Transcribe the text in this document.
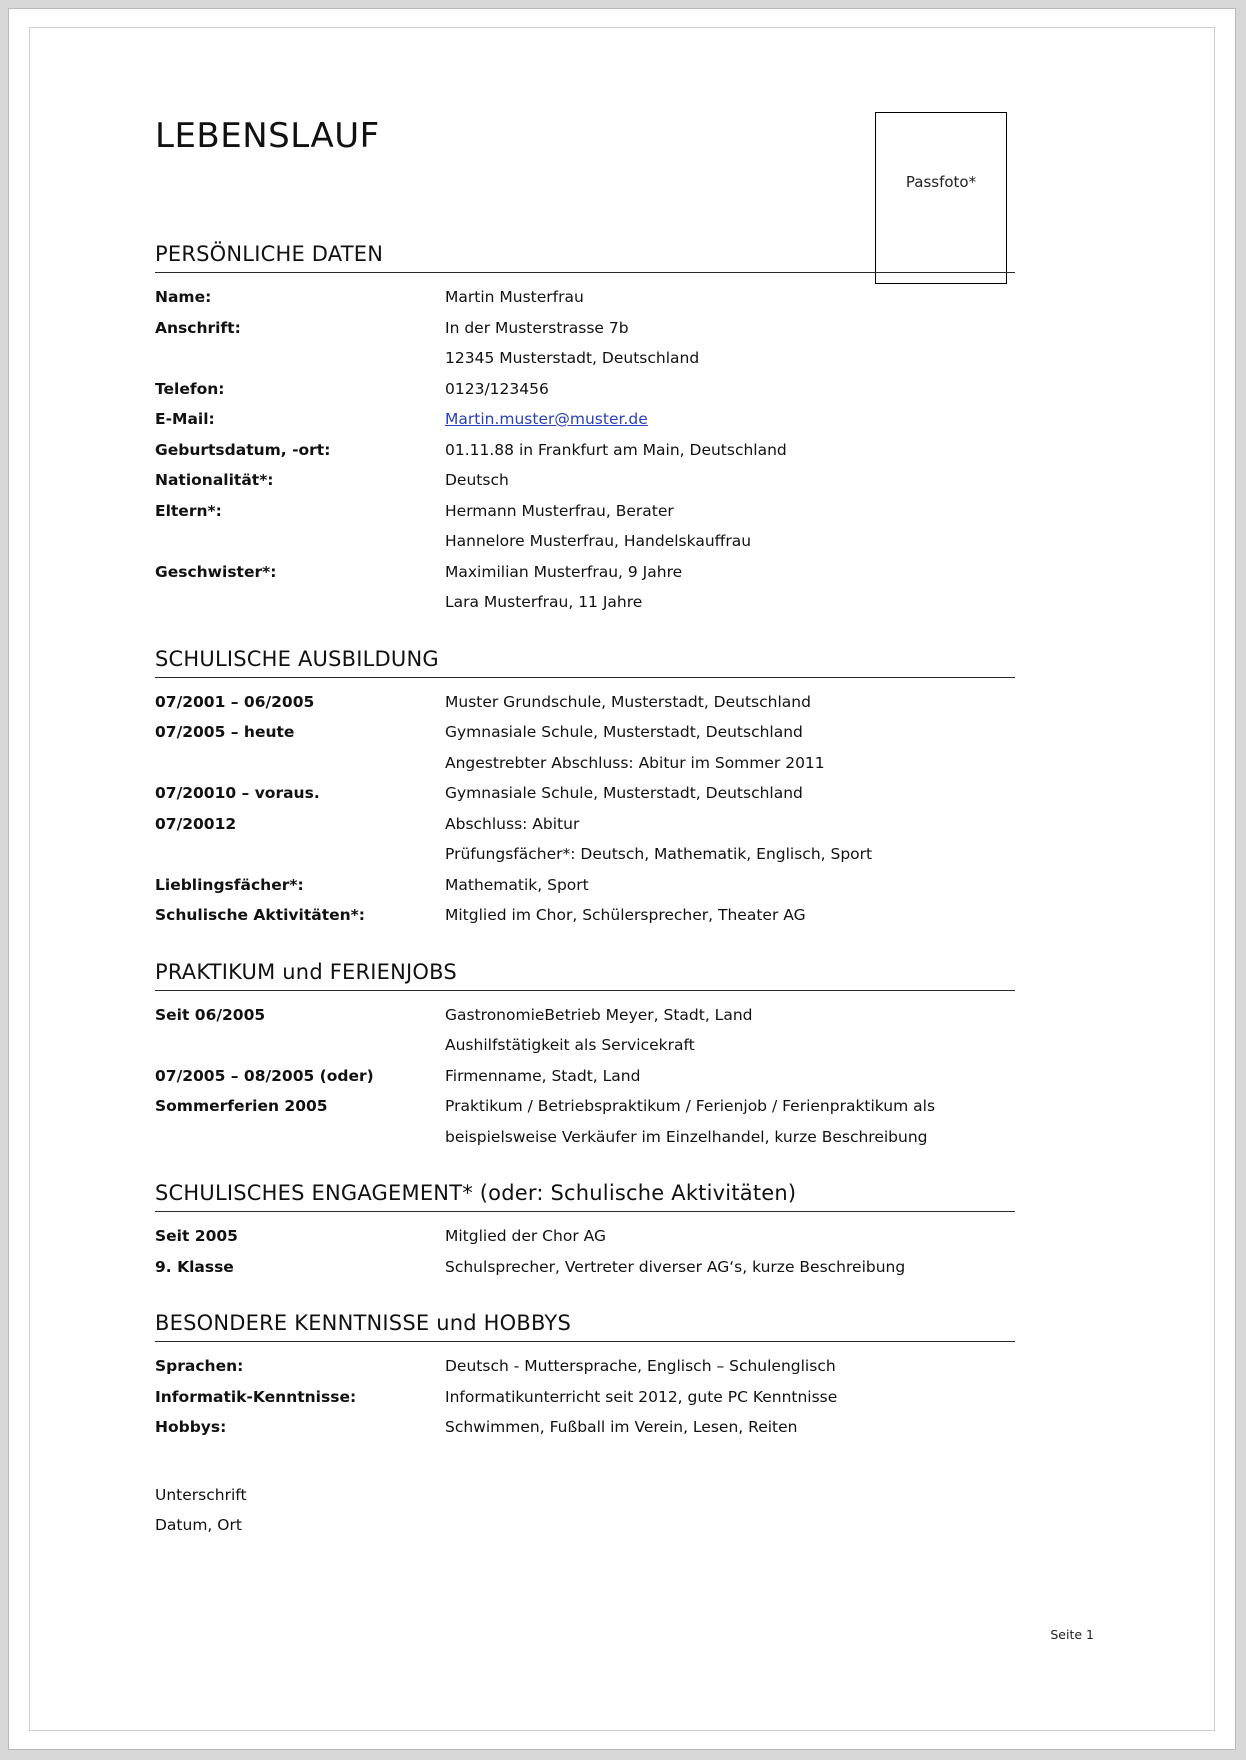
Passfoto*
LEBENSLAUF
PERSÖNLICHE DATEN
Name:	Martin Musterfrau
Anschrift:	In der Musterstrasse 7b
12345 Musterstadt, Deutschland
Telefon:	0123/123456
E-Mail:	Martin.muster@muster.de
Geburtsdatum, -ort:	01.11.88 in Frankfurt am Main, Deutschland
Nationalität*:	Deutsch
Eltern*:	Hermann Musterfrau, Berater
Hannelore Musterfrau, Handelskauffrau
Geschwister*:	Maximilian Musterfrau, 9 Jahre
Lara Musterfrau, 11 Jahre
SCHULISCHE AUSBILDUNG
07/2001 – 06/2005	Muster Grundschule, Musterstadt, Deutschland
07/2005 – heute	Gymnasiale Schule, Musterstadt, Deutschland
Angestrebter Abschluss: Abitur im Sommer 2011
07/20010 – voraus.	Gymnasiale Schule, Musterstadt, Deutschland
07/20012	Abschluss: Abitur
Prüfungsfächer*: Deutsch, Mathematik, Englisch, Sport
Lieblingsfächer*:	Mathematik, Sport
Schulische Aktivitäten*:	Mitglied im Chor, Schülersprecher, Theater AG
PRAKTIKUM und FERIENJOBS
Seit 06/2005	GastronomieBetrieb Meyer, Stadt, Land
Aushilfstätigkeit als Servicekraft
07/2005 – 08/2005 (oder)	Firmenname, Stadt, Land
Sommerferien 2005	Praktikum / Betriebspraktikum / Ferienjob / Ferienpraktikum als
beispielsweise Verkäufer im Einzelhandel, kurze Beschreibung
SCHULISCHES ENGAGEMENT* (oder: Schulische Aktivitäten)
Seit 2005	Mitglied der Chor AG
9. Klasse	Schulsprecher, Vertreter diverser AG‘s, kurze Beschreibung
BESONDERE KENNTNISSE und HOBBYS
Sprachen:	Deutsch - Muttersprache, Englisch – Schulenglisch
Informatik-Kenntnisse:	Informatikunterricht seit 2012, gute PC Kenntnisse
Hobbys:	Schwimmen, Fußball im Verein, Lesen, Reiten
Unterschrift
Datum, Ort
Seite 1
